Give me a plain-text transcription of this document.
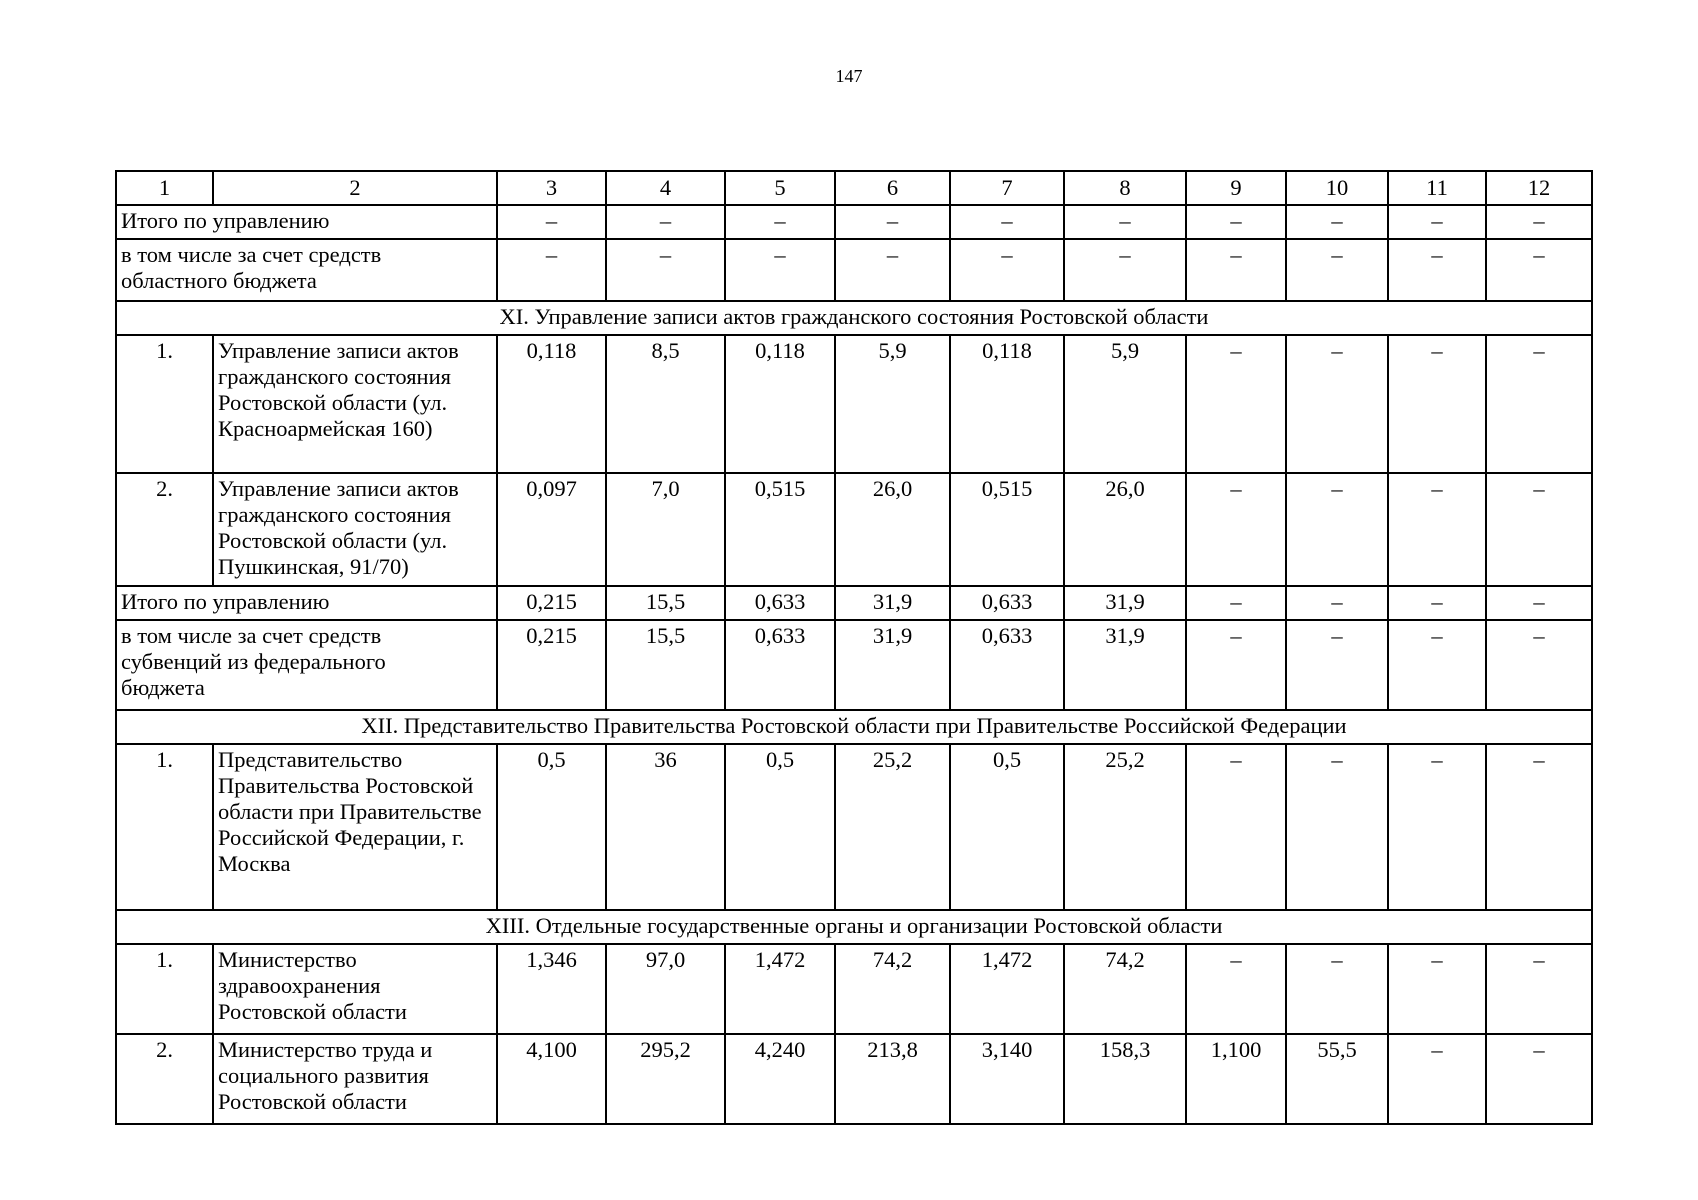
147
1	2	3	4	5	6	7	8	9	10	11	12
Итого по управлению		–	–	–	–	–	–	–	–	–	–

в том числе за счет средств областного бюджета		–	–	–	–	–	–	–	–	–	–
XI. Управление записи актов гражданского состояния Ростовской области											
1.	Управление записи актов гражданского состояния Ростовской области (ул. Красноармейская 160)	0,118	8,5	0,118	5,9	0,118	5,9	–	–	–	–
2.	Управление записи актов гражданского состояния Ростовской области (ул. Пушкинская, 91/70)	0,097	7,0	0,515	26,0	0,515	26,0	–	–	–	–
Итого по управлению		0,215	15,5	0,633	31,9	0,633	31,9	–	–	–	–

в том числе за счет средств субвенций из федерального бюджета		0,215	15,5	0,633	31,9	0,633	31,9	–	–	–	–
XII. Представительство Правительства Ростовской области при Правительстве Российской Федерации											
1.	Представительство Правительства Ростовской области при Правительстве Российской Федерации, г. Москва	0,5	36	0,5	25,2	0,5	25,2	–	–	–	–
XIII. Отдельные государственные органы и организации Ростовской области											
1.	Министерство здравоохранения Ростовской области	1,346	97,0	1,472	74,2	1,472	74,2	–	–	–	–
2.	Министерство труда и социального развития Ростовской области	4,100	295,2	4,240	213,8	3,140	158,3	1,100	55,5	–	–
